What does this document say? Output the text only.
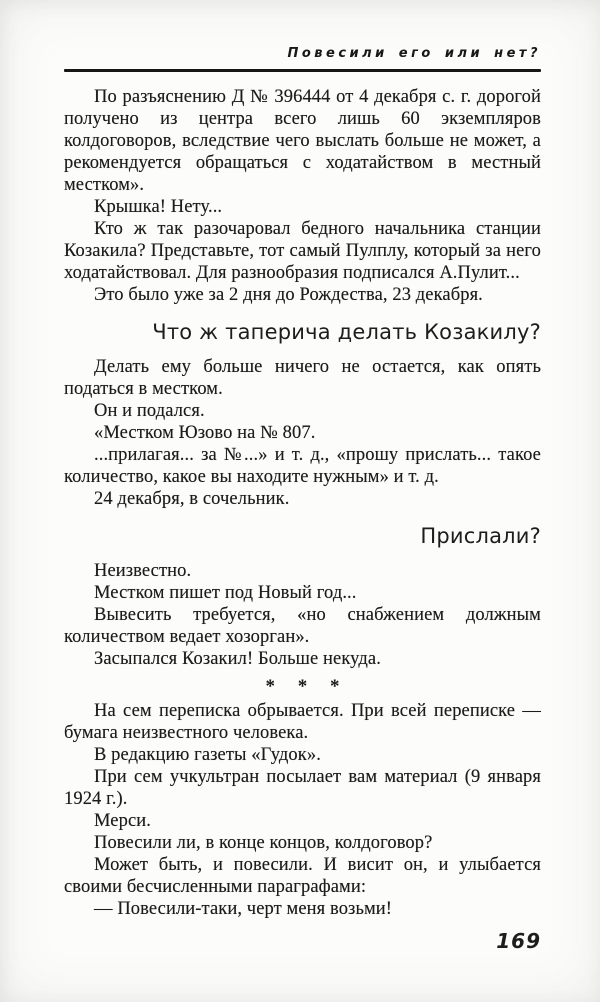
Повесили его или нет?

По разъяснению Д № 396444 от 4 декабря с. г. дорогой получено из центра всего лишь 60 экземпляров колдоговоров, вследствие чего выслать больше не может, а рекомендуется обращаться с ходатайством в местный местком».

Крышка! Нету...

Кто ж так разочаровал бедного начальника станции Козакила? Представьте, тот самый Пулплу, который за него ходатайствовал. Для разнообразия подписался А.Пулит...

Это было уже за 2 дня до Рождества, 23 декабря.

Что ж таперича делать Козакилу?

Делать ему больше ничего не остается, как опять податься в местком.

Он и подался.

«Местком Юзово на № 807.

...прилагая... за №...» и т. д., «прошу прислать... такое количество, какое вы находите нужным» и т. д.

24 декабря, в сочельник.

Прислали?

Неизвестно.

Местком пишет под Новый год...

Вывесить требуется, «но снабжением должным количеством ведает хозорган».

Засыпался Козакил! Больше некуда.

* * *

На сем переписка обрывается. При всей переписке — бумага неизвестного человека.

В редакцию газеты «Гудок».

При сем учкультран посылает вам материал (9 января 1924 г.).

Мерси.

Повесили ли, в конце концов, колдоговор?

Может быть, и повесили. И висит он, и улыбается своими бесчисленными параграфами:

— Повесили-таки, черт меня возьми!

169
